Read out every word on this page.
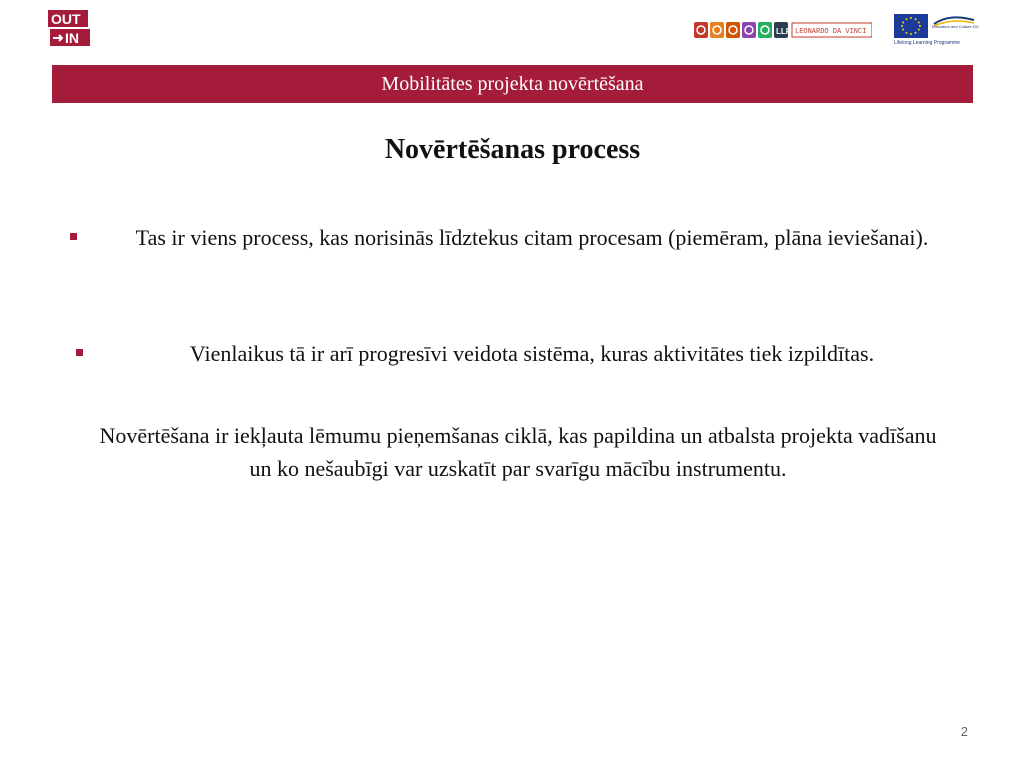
OUT
IN	LLP LEONARDO DA VINCI
Education and Culture DG
Lifelong Learning Programme
Mobilitātes projekta novērtēšana
Novērtēšanas process
Tas ir viens process, kas norisinās līdztekus citam procesam (piemēram, plāna ieviešanai).
Vienlaikus tā ir arī progresīvi veidota sistēma, kuras aktivitātes tiek izpildītas.
Novērtēšana ir iekļauta lēmumu pieņemšanas ciklā, kas papildina un atbalsta projekta vadīšanu un ko nešaubīgi var uzskatīt par svarīgu mācību instrumentu.
2
